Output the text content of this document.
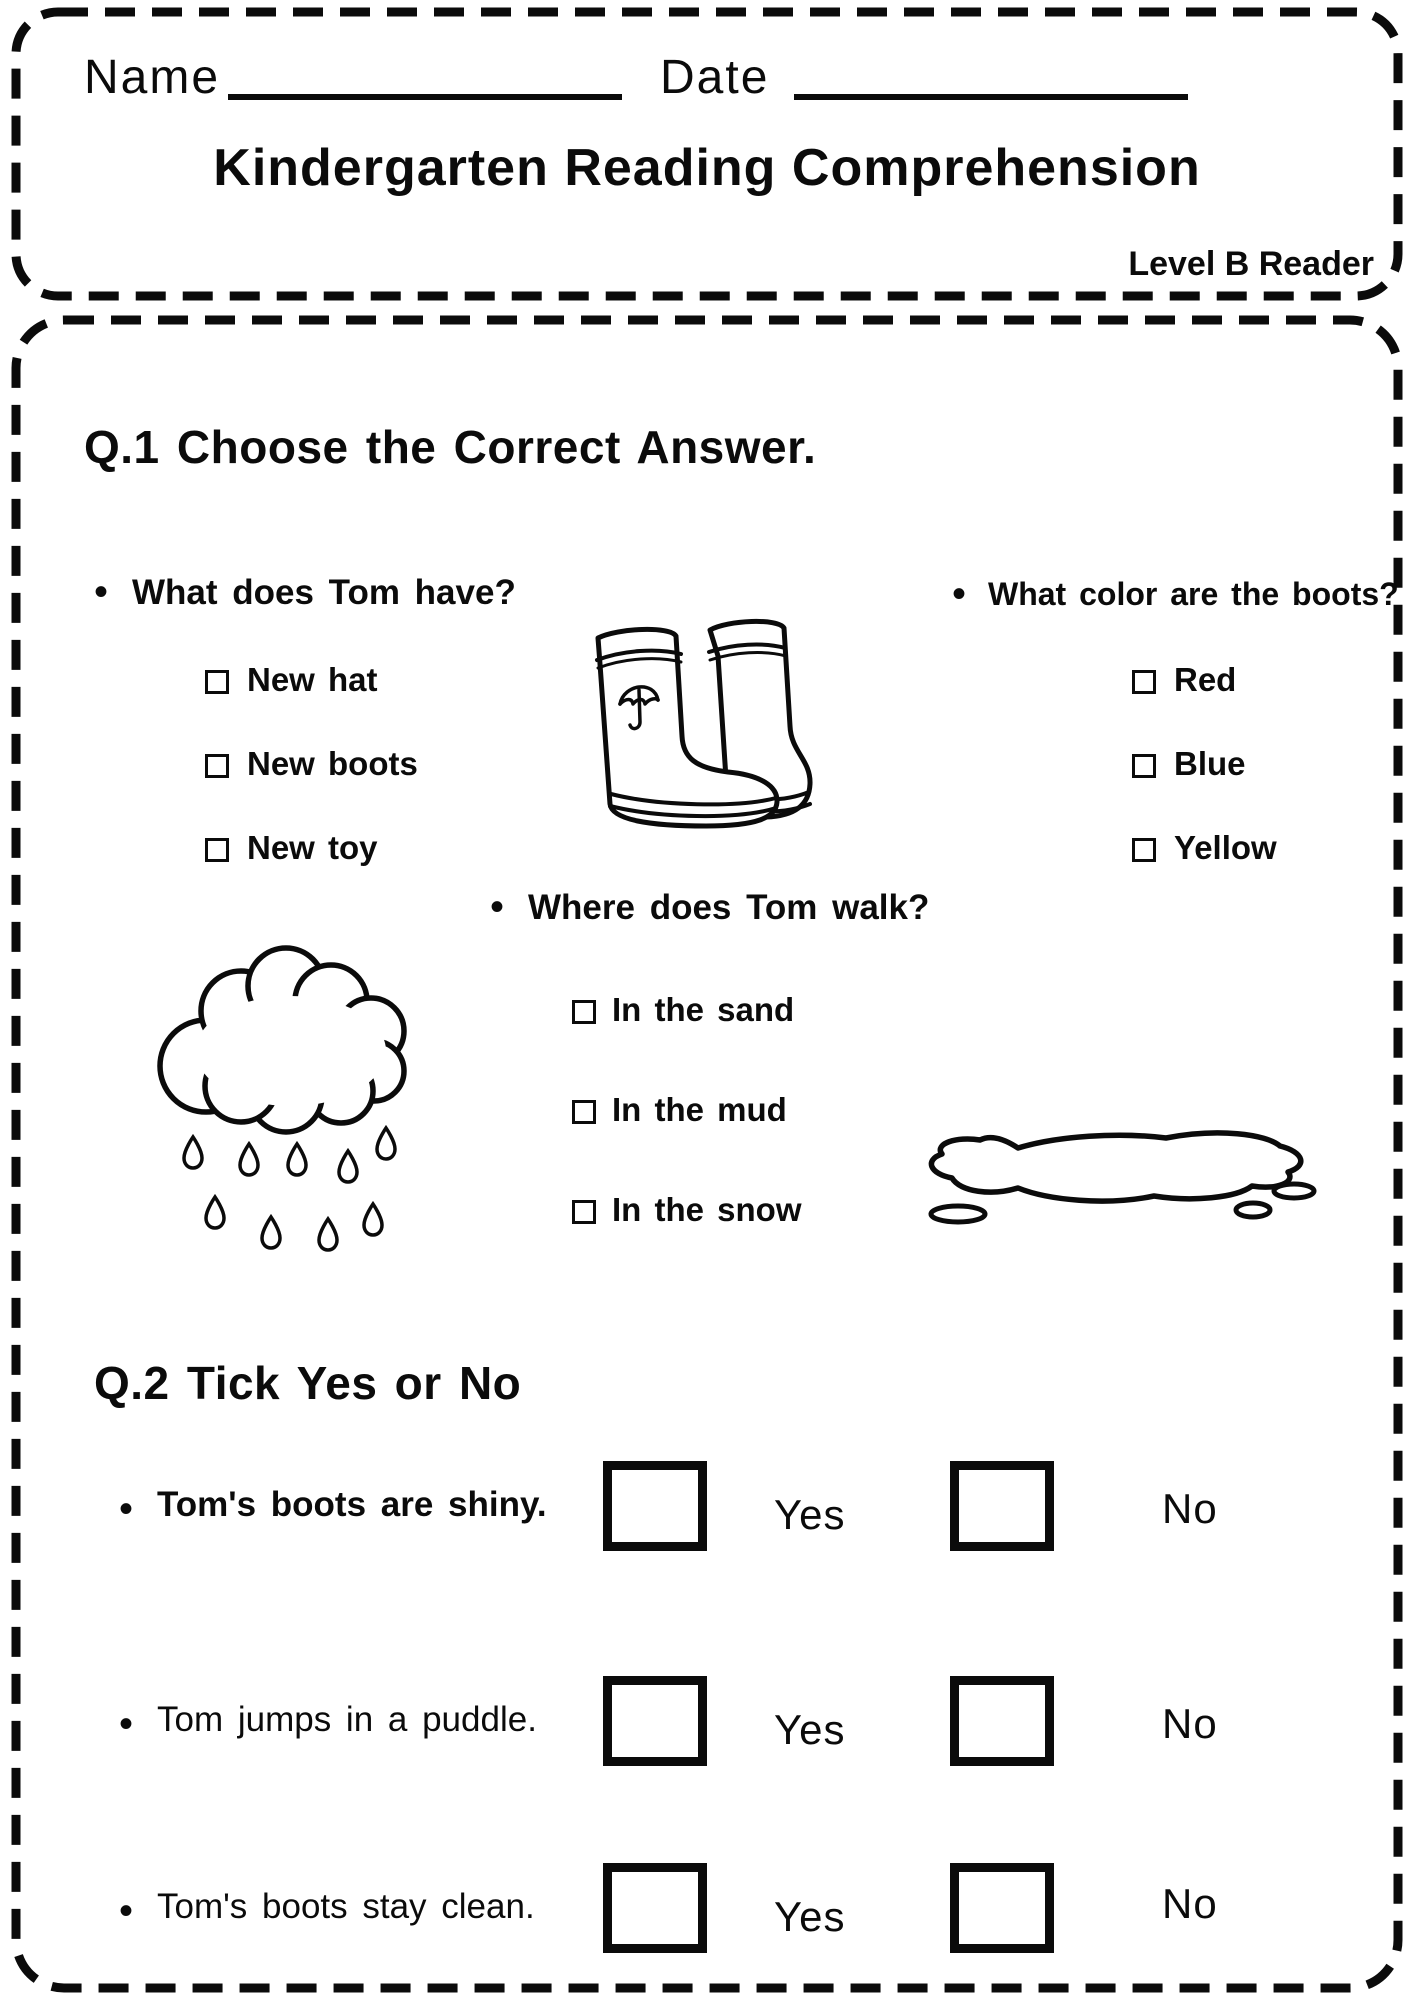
Name	Date
Kindergarten Reading Comprehension
Level B Reader
Q.1 Choose the Correct Answer.
• What does Tom have?
New hat
New boots
New toy
• What color are the boots?
Red
Blue
Yellow
• Where does Tom walk?
In the sand
In the mud
In the snow
Q.2 Tick Yes or No
• Tom's boots are shiny.	Yes	No
• Tom jumps in a puddle.	Yes	No
• Tom's boots stay clean.	Yes	No
